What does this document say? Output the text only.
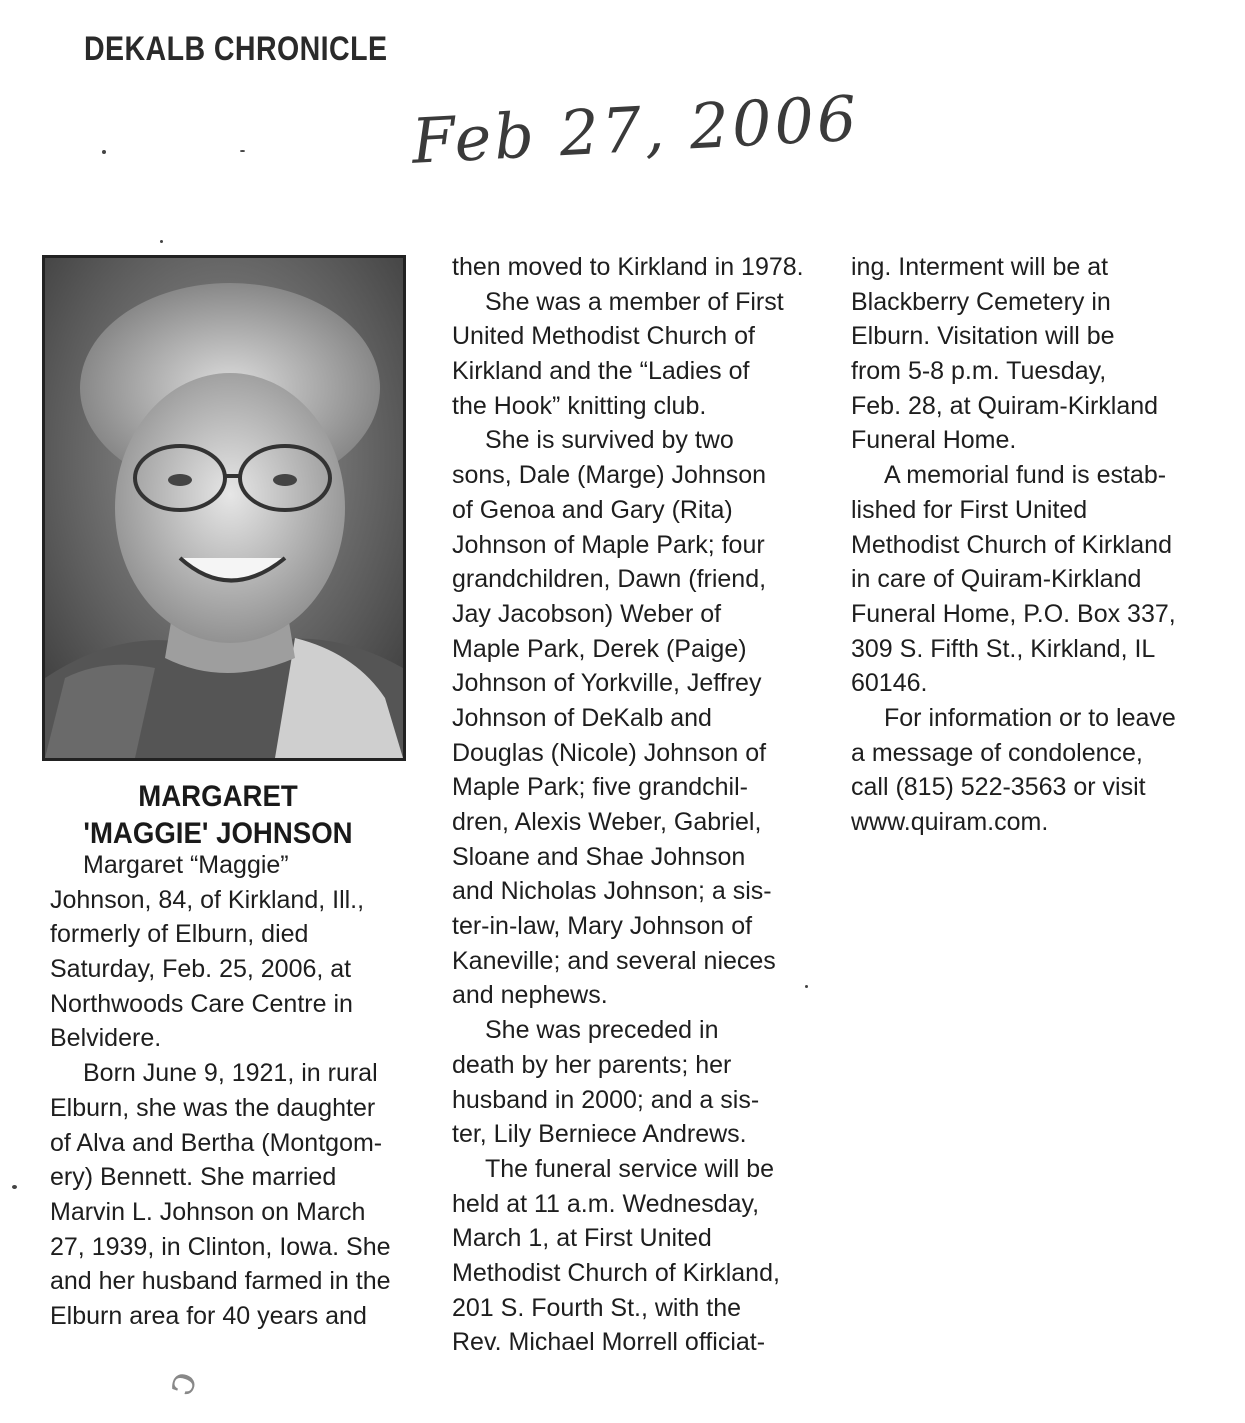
DEKALB CHRONICLE
Feb 27, 2006
MARGARET
'MAGGIE' JOHNSON
Margaret “Maggie”
Johnson, 84, of Kirkland, Ill.,
formerly of Elburn, died
Saturday, Feb. 25, 2006, at
Northwoods Care Centre in
Belvidere.
Born June 9, 1921, in rural
Elburn, she was the daughter
of Alva and Bertha (Montgom-
ery) Bennett. She married
Marvin L. Johnson on March
27, 1939, in Clinton, Iowa. She
and her husband farmed in the
Elburn area for 40 years and
then moved to Kirkland in 1978.
She was a member of First
United Methodist Church of
Kirkland and the “Ladies of
the Hook” knitting club.
She is survived by two
sons, Dale (Marge) Johnson
of Genoa and Gary (Rita)
Johnson of Maple Park; four
grandchildren, Dawn (friend,
Jay Jacobson) Weber of
Maple Park, Derek (Paige)
Johnson of Yorkville, Jeffrey
Johnson of DeKalb and
Douglas (Nicole) Johnson of
Maple Park; five grandchil-
dren, Alexis Weber, Gabriel,
Sloane and Shae Johnson
and Nicholas Johnson; a sis-
ter-in-law, Mary Johnson of
Kaneville; and several nieces
and nephews.
She was preceded in
death by her parents; her
husband in 2000; and a sis-
ter, Lily Berniece Andrews.
The funeral service will be
held at 11 a.m. Wednesday,
March 1, at First United
Methodist Church of Kirkland,
201 S. Fourth St., with the
Rev. Michael Morrell officiat-
ing. Interment will be at
Blackberry Cemetery in
Elburn. Visitation will be
from 5-8 p.m. Tuesday,
Feb. 28, at Quiram-Kirkland
Funeral Home.
A memorial fund is estab-
lished for First United
Methodist Church of Kirkland
in care of Quiram-Kirkland
Funeral Home, P.O. Box 337,
309 S. Fifth St., Kirkland, IL
60146.
For information or to leave
a message of condolence,
call (815) 522-3563 or visit
www.quiram.com.
ↄ
